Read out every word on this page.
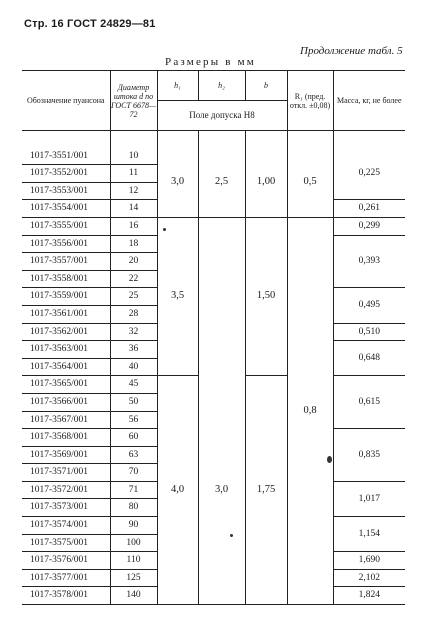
Стр. 16 ГОСТ 24829—81
Продолжение табл. 5
Размеры в мм
Обозначение пуансона	Диаметр штока d по ГОСТ 6678—72	h₁	h₂	b	R₁ (пред. откл. ±0,08)	Масса, кг, не более
		Поле допуска Н8				

1017-3551/001	10	3,0	2,5	1,00	0,5	0,225
1017-3552/001	11					
1017-3553/001	12					
1017-3554/001	14					0,261
1017-3555/001	16	3,5		1,50	0,8	0,299
1017-3556/001	18					0,393
1017-3557/001	20					
1017-3558/001	22					
1017-3559/001	25					0,495
1017-3561/001	28					
1017-3562/001	32					0,510
1017-3563/001	36					0,648
1017-3564/001	40					
1017-3565/001	45	4,0	3,0	1,75		0,615
1017-3566/001	50					
1017-3567/001	56					
1017-3568/001	60					0,835
1017-3569/001	63					
1017-3571/001	70					
1017-3572/001	71					1,017
1017-3573/001	80					
1017-3574/001	90					1,154
1017-3575/001	100					
1017-3576/001	110					1,690
1017-3577/001	125					2,102
1017-3578/001	140					1,824
